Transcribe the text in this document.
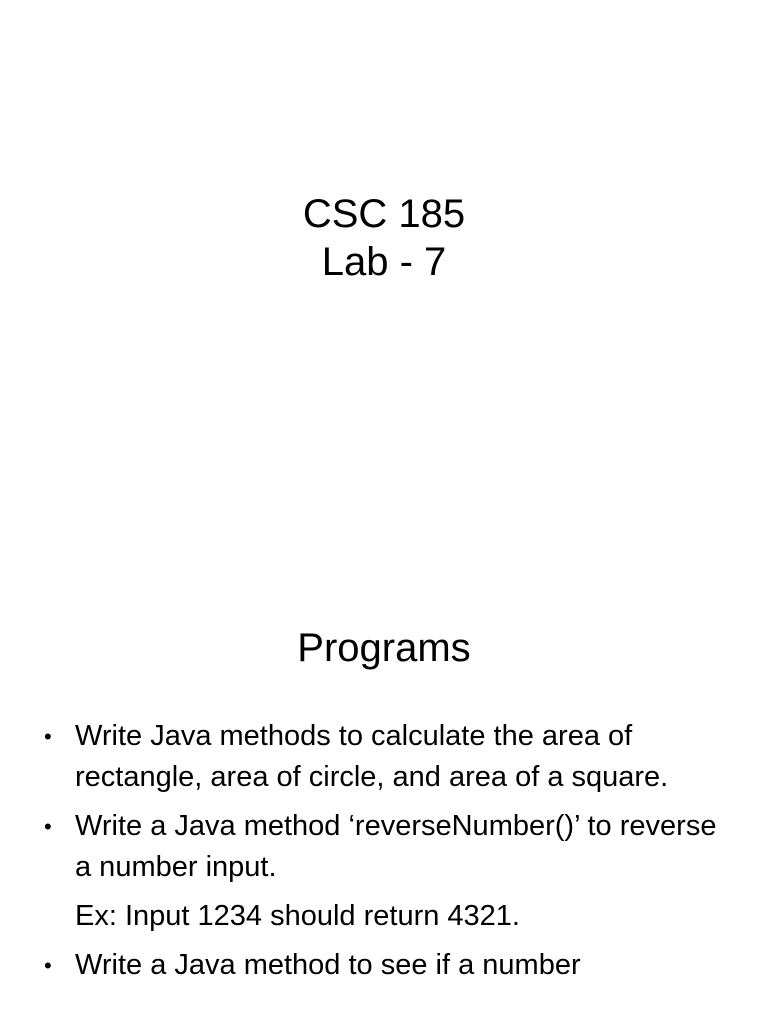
CSC 185
Lab - 7
Programs
• Write Java methods to calculate the area of rectangle, area of circle, and area of a square.
• Write a Java method ‘reverseNumber()’ to reverse a number input.
Ex: Input 1234 should return 4321.
• Write a Java method to see if a number
